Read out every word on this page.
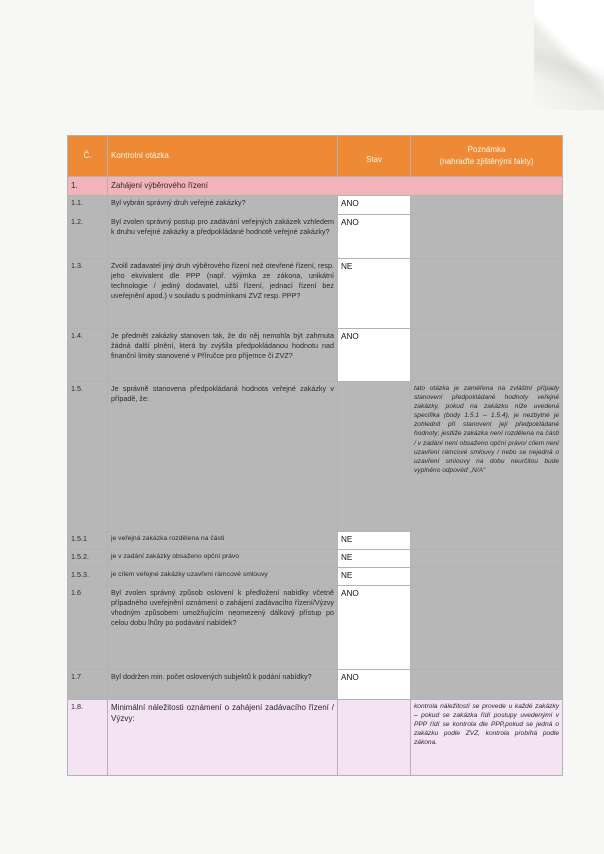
Č.	Kontrolní otázka	Stav	Poznámka
(nahraďte zjištěnými fakty)
1.	Zahájení výběrového řízení		
1.1.	Byl vybrán správný druh veřejné zakázky?	ANO	
1.2.	Byl zvolen správný postup pro zadávání veřejných zakázek vzhledem k druhu veřejné zakázky a předpokládané hodnotě veřejné zakázky?	ANO	
1.3.	Zvolil zadavatel jiný druh výběrového řízení než otevřené řízení, resp. jeho ekvivalent dle PPP (např. výjimka ze zákona, unikátní technologie / jediný dodavatel, užší řízení, jednací řízení bez uveřejnění apod.) v souladu s podmínkami ZVZ resp. PPP?	NE	
1.4.	Je předmět zakázky stanoven tak, že do něj nemohla být zahrnuta žádná další plnění, která by zvýšila předpokládanou hodnotu nad finanční limity stanovené v Příručce pro příjemce či ZVZ?	ANO	
1.5.	Je správně stanovena předpokládaná hodnota veřejné zakázky v případě, že:		tato otázka je zaměřena na zvláštní případy stanovení předpokládané hodnoty veřejné zakázky, pokud na zakázku níže uvedená specifika (body 1.5.1 – 1.5.4), je nezbytné je zohlednit při stanovení její předpokládané hodnoty; jestliže zakázka není rozdělena na části / v zadání není obsaženo opční právo/ cílem není uzavření rámcové smlouvy / nebo se nejedná o uzavření smlouvy na dobu neurčitou bude vyplněno odpověď „N/A“
1.5.1	je veřejná zakázka rozdělena na části	NE	
1.5.2.	je v zadání zakázky obsaženo opční právo	NE	
1.5.3.	je cílem veřejné zakázky uzavření rámcové smlouvy	NE	
1.6	Byl zvolen správný způsob oslovení k předložení nabídky včetně případného uveřejnění oznámení o zahájení zadávacího řízení/Výzvy vhodným způsobem umožňujícím neomezený dálkový přístup po celou dobu lhůty po podávání nabídek?	ANO	
1.7	Byl dodržen min. počet oslovených subjektů k podání nabídky?	ANO	
1.8.	Minimální náležitosti oznámení o zahájení zadávacího řízení / Výzvy:		kontrola náležitostí se provede u každé zakázky – pokud se zakázka řídí postupy uvedenými v PPP řídí se kontrola dle PPP,pokud se jedná o zakázku podle ZVZ, kontrola probíhá podle zákona.
